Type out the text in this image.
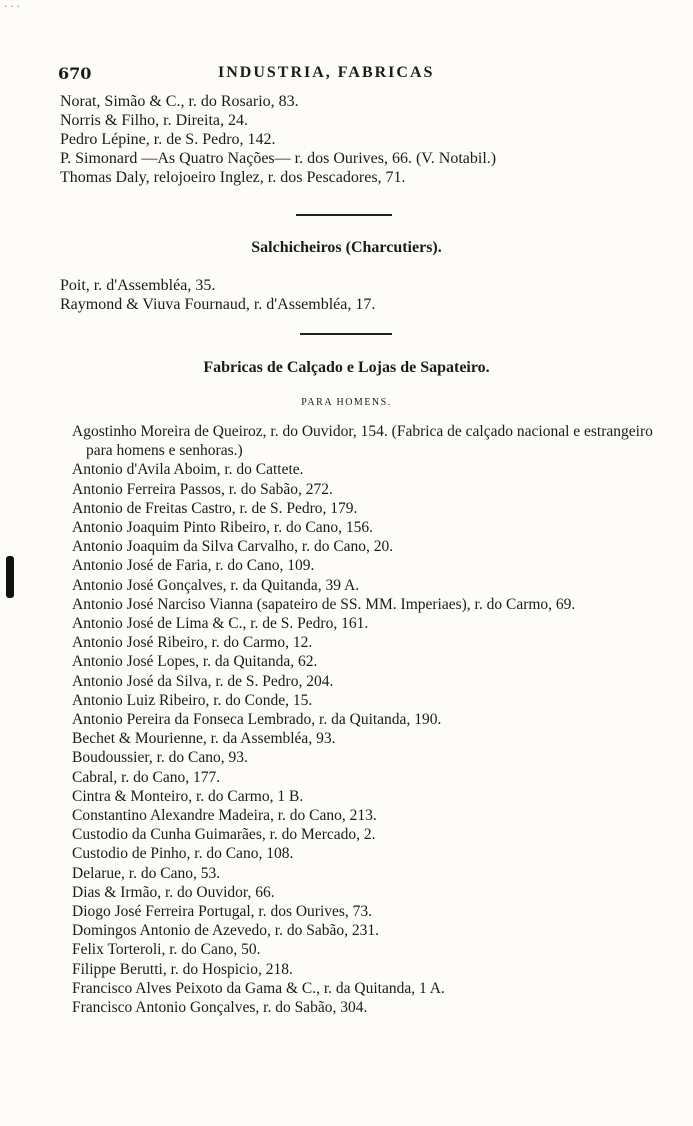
· · ·
670	INDUSTRIA, FABRICAS
Norat, Simão & C., r. do Rosario, 83.
Norris & Filho, r. Direita, 24.
Pedro Lépine, r. de S. Pedro, 142.
P. Simonard —As Quatro Nações— r. dos Ourives, 66. (V. Notabil.)
Thomas Daly, relojoeiro Inglez, r. dos Pescadores, 71.
Salchicheiros (Charcutiers).
Poit, r. d'Assembléa, 35.
Raymond & Viuva Fournaud, r. d'Assembléa, 17.
Fabricas de Calçado e Lojas de Sapateiro.
PARA HOMENS.
Agostinho Moreira de Queiroz, r. do Ouvidor, 154. (Fabrica de calçado nacional e estrangeiro para homens e senhoras.)
Antonio d'Avila Aboim, r. do Cattete.
Antonio Ferreira Passos, r. do Sabão, 272.
Antonio de Freitas Castro, r. de S. Pedro, 179.
Antonio Joaquim Pinto Ribeiro, r. do Cano, 156.
Antonio Joaquim da Silva Carvalho, r. do Cano, 20.
Antonio José de Faria, r. do Cano, 109.
Antonio José Gonçalves, r. da Quitanda, 39 A.
Antonio José Narciso Vianna (sapateiro de SS. MM. Imperiaes), r. do Carmo, 69.
Antonio José de Lima & C., r. de S. Pedro, 161.
Antonio José Ribeiro, r. do Carmo, 12.
Antonio José Lopes, r. da Quitanda, 62.
Antonio José da Silva, r. de S. Pedro, 204.
Antonio Luiz Ribeiro, r. do Conde, 15.
Antonio Pereira da Fonseca Lembrado, r. da Quitanda, 190.
Bechet & Mourienne, r. da Assembléa, 93.
Boudoussier, r. do Cano, 93.
Cabral, r. do Cano, 177.
Cintra & Monteiro, r. do Carmo, 1 B.
Constantino Alexandre Madeira, r. do Cano, 213.
Custodio da Cunha Guimarães, r. do Mercado, 2.
Custodio de Pinho, r. do Cano, 108.
Delarue, r. do Cano, 53.
Dias & Irmão, r. do Ouvidor, 66.
Diogo José Ferreira Portugal, r. dos Ourives, 73.
Domingos Antonio de Azevedo, r. do Sabão, 231.
Felix Torteroli, r. do Cano, 50.
Filippe Berutti, r. do Hospicio, 218.
Francisco Alves Peixoto da Gama & C., r. da Quitanda, 1 A.
Francisco Antonio Gonçalves, r. do Sabão, 304.
